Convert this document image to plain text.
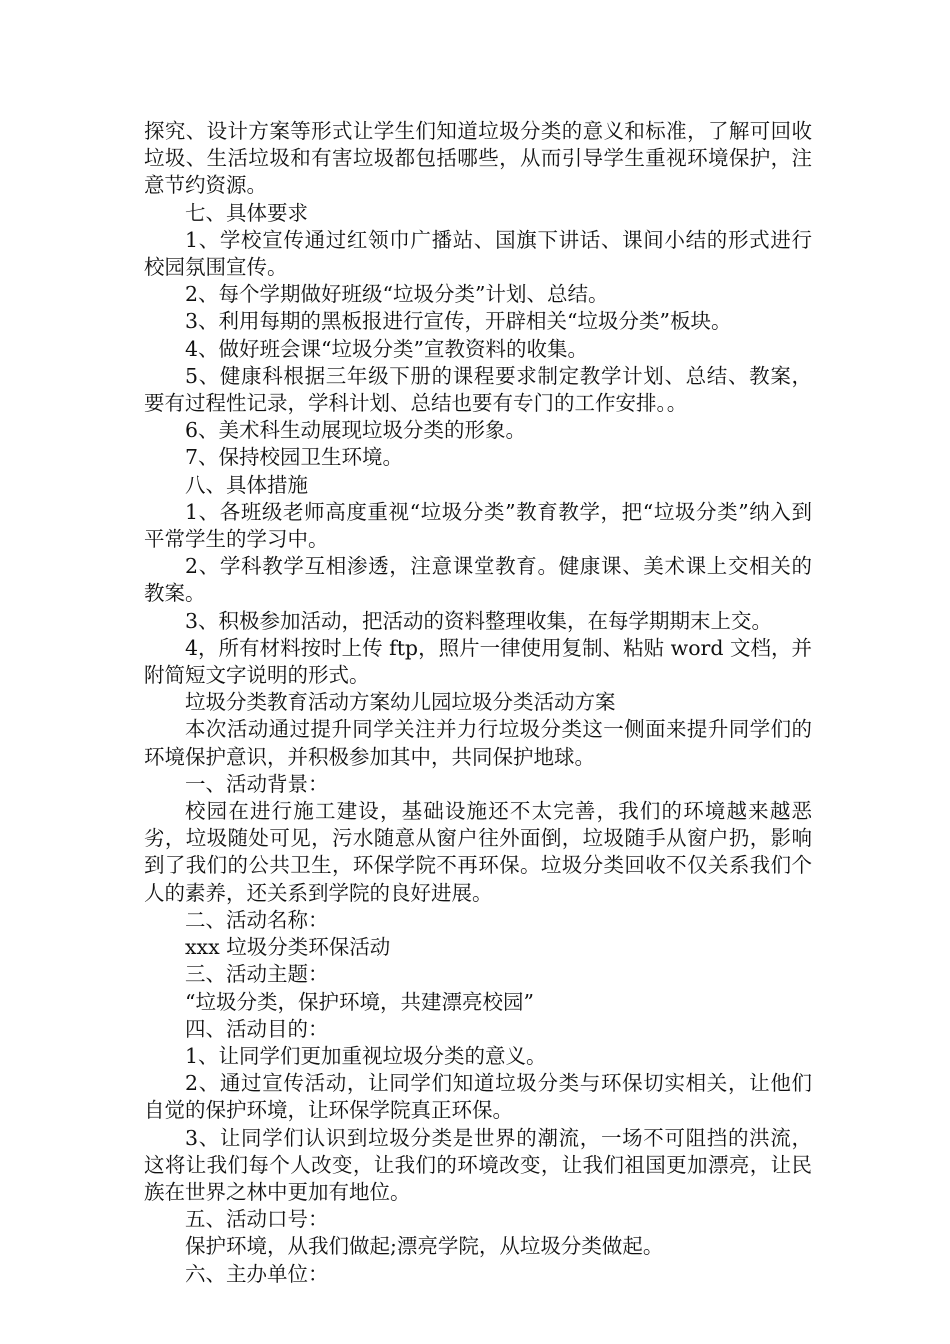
探究、设计方案等形式让学生们知道垃圾分类的意义和标准，了解可回收垃圾、生活垃圾和有害垃圾都包括哪些，从而引导学生重视环境保护，注意节约资源。

七、具体要求

1、学校宣传通过红领巾广播站、国旗下讲话、课间小结的形式进行校园氛围宣传。

2、每个学期做好班级“垃圾分类”计划、总结。

3、利用每期的黑板报进行宣传，开辟相关“垃圾分类”板块。

4、做好班会课“垃圾分类”宣教资料的收集。

5、健康科根据三年级下册的课程要求制定教学计划、总结、教案，要有过程性记录，学科计划、总结也要有专门的工作安排。。

6、美术科生动展现垃圾分类的形象。

7、保持校园卫生环境。

八、具体措施

1、各班级老师高度重视“垃圾分类”教育教学，把“垃圾分类”纳入到平常学生的学习中。

2、学科教学互相渗透，注意课堂教育。健康课、美术课上交相关的教案。

3、积极参加活动，把活动的资料整理收集，在每学期期末上交。

4，所有材料按时上传 ftp，照片一律使用复制、粘贴 word 文档，并附简短文字说明的形式。

垃圾分类教育活动方案幼儿园垃圾分类活动方案

本次活动通过提升同学关注并力行垃圾分类这一侧面来提升同学们的环境保护意识，并积极参加其中，共同保护地球。

一、活动背景：

校园在进行施工建设，基础设施还不太完善，我们的环境越来越恶劣，垃圾随处可见，污水随意从窗户往外面倒，垃圾随手从窗户扔，影响到了我们的公共卫生，环保学院不再环保。垃圾分类回收不仅关系我们个人的素养，还关系到学院的良好进展。

二、活动名称：

xxx 垃圾分类环保活动

三、活动主题：

“垃圾分类，保护环境，共建漂亮校园”

四、活动目的：

1、让同学们更加重视垃圾分类的意义。

2、通过宣传活动，让同学们知道垃圾分类与环保切实相关，让他们自觉的保护环境，让环保学院真正环保。

3、让同学们认识到垃圾分类是世界的潮流，一场不可阻挡的洪流，这将让我们每个人改变，让我们的环境改变，让我们祖国更加漂亮，让民族在世界之林中更加有地位。

五、活动口号：

保护环境，从我们做起;漂亮学院，从垃圾分类做起。

六、主办单位：
